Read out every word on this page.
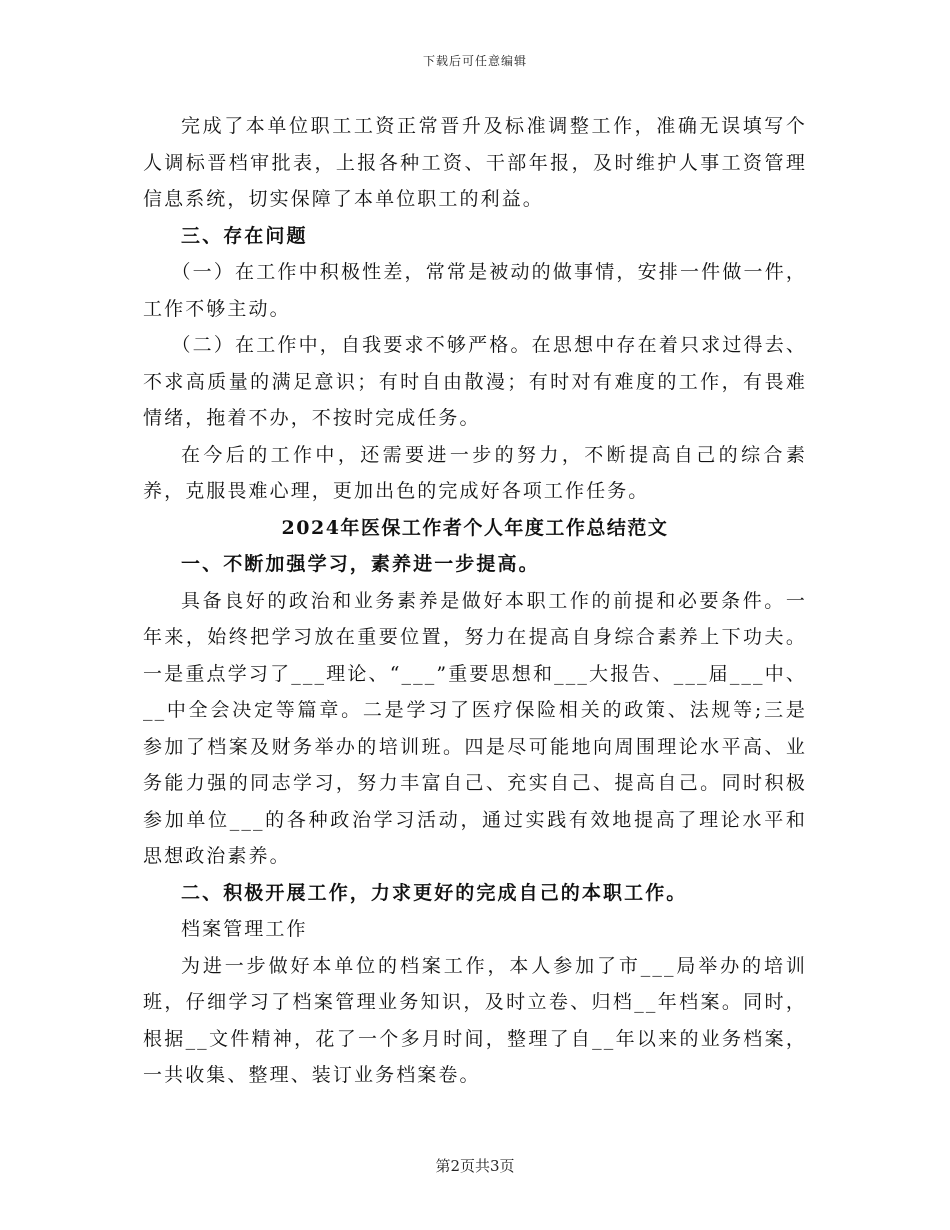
下载后可任意编辑

完成了本单位职工工资正常晋升及标准调整工作，准确无误填写个人调标晋档审批表，上报各种工资、干部年报，及时维护人事工资管理信息系统，切实保障了本单位职工的利益。

三、存在问题

（一）在工作中积极性差，常常是被动的做事情，安排一件做一件，工作不够主动。

（二）在工作中，自我要求不够严格。在思想中存在着只求过得去、不求高质量的满足意识；有时自由散漫；有时对有难度的工作，有畏难情绪，拖着不办，不按时完成任务。

在今后的工作中，还需要进一步的努力，不断提高自己的综合素养，克服畏难心理，更加出色的完成好各项工作任务。

2024年医保工作者个人年度工作总结范文

一、不断加强学习，素养进一步提高。

具备良好的政治和业务素养是做好本职工作的前提和必要条件。一年来，始终把学习放在重要位置，努力在提高自身综合素养上下功夫。一是重点学习了___理论、“___”重要思想和___大报告、___届___中、__中全会决定等篇章。二是学习了医疗保险相关的政策、法规等;三是参加了档案及财务举办的培训班。四是尽可能地向周围理论水平高、业务能力强的同志学习，努力丰富自己、充实自己、提高自己。同时积极参加单位___的各种政治学习活动，通过实践有效地提高了理论水平和思想政治素养。

二、积极开展工作，力求更好的完成自己的本职工作。

档案管理工作

为进一步做好本单位的档案工作，本人参加了市___局举办的培训班，仔细学习了档案管理业务知识，及时立卷、归档__年档案。同时，根据__文件精神，花了一个多月时间，整理了自__年以来的业务档案，一共收集、整理、装订业务档案卷。

第2页共3页
